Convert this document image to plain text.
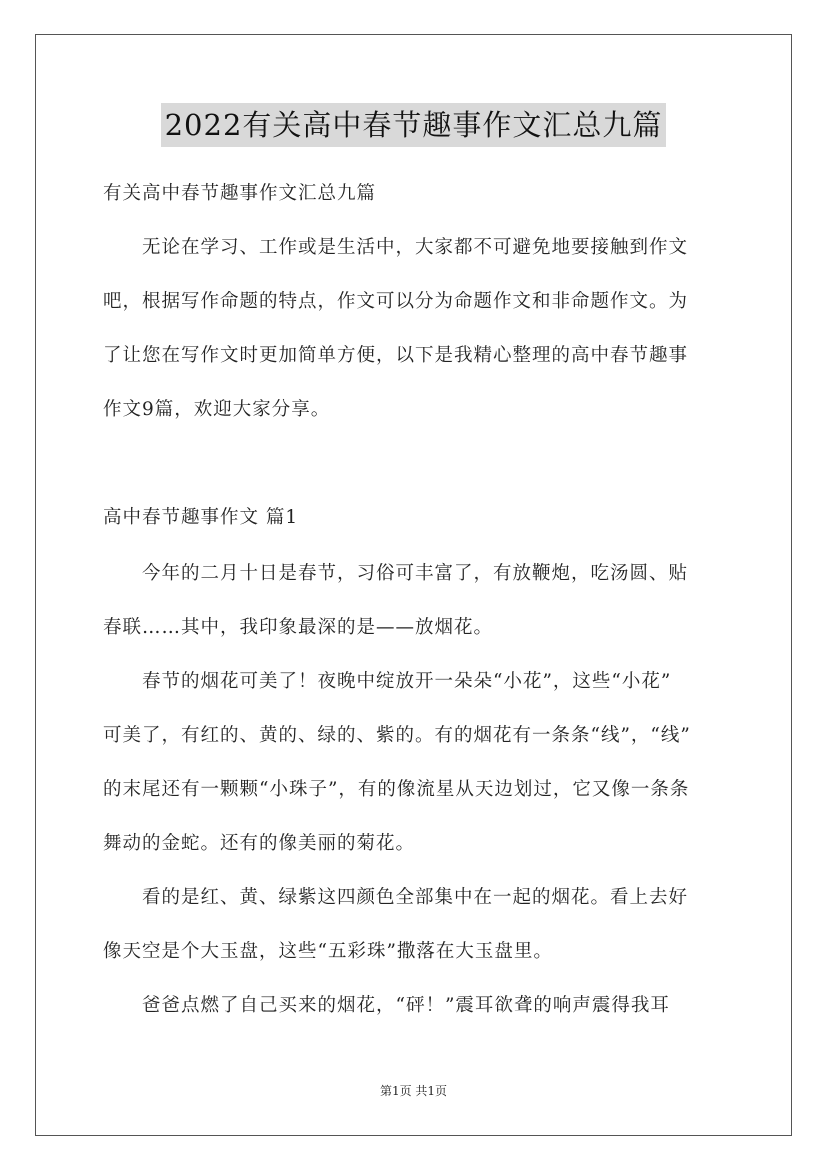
2022有关高中春节趣事作文汇总九篇
有关高中春节趣事作文汇总九篇
　　无论在学习、工作或是生活中，大家都不可避免地要接触到作文
吧，根据写作命题的特点，作文可以分为命题作文和非命题作文。为
了让您在写作文时更加简单方便，以下是我精心整理的高中春节趣事
作文9篇，欢迎大家分享。
高中春节趣事作文 篇1
　　今年的二月十日是春节，习俗可丰富了，有放鞭炮，吃汤圆、贴
春联……其中，我印象最深的是——放烟花。
　　春节的烟花可美了！夜晚中绽放开一朵朵“小花”，这些“小花”
可美了，有红的、黄的、绿的、紫的。有的烟花有一条条“线”，“线”
的末尾还有一颗颗“小珠子”，有的像流星从天边划过，它又像一条条
舞动的金蛇。还有的像美丽的菊花。
　　看的是红、黄、绿紫这四颜色全部集中在一起的烟花。看上去好
像天空是个大玉盘，这些“五彩珠”撒落在大玉盘里。
　　爸爸点燃了自己买来的烟花，“砰！”震耳欲聋的响声震得我耳
第1页 共1页
